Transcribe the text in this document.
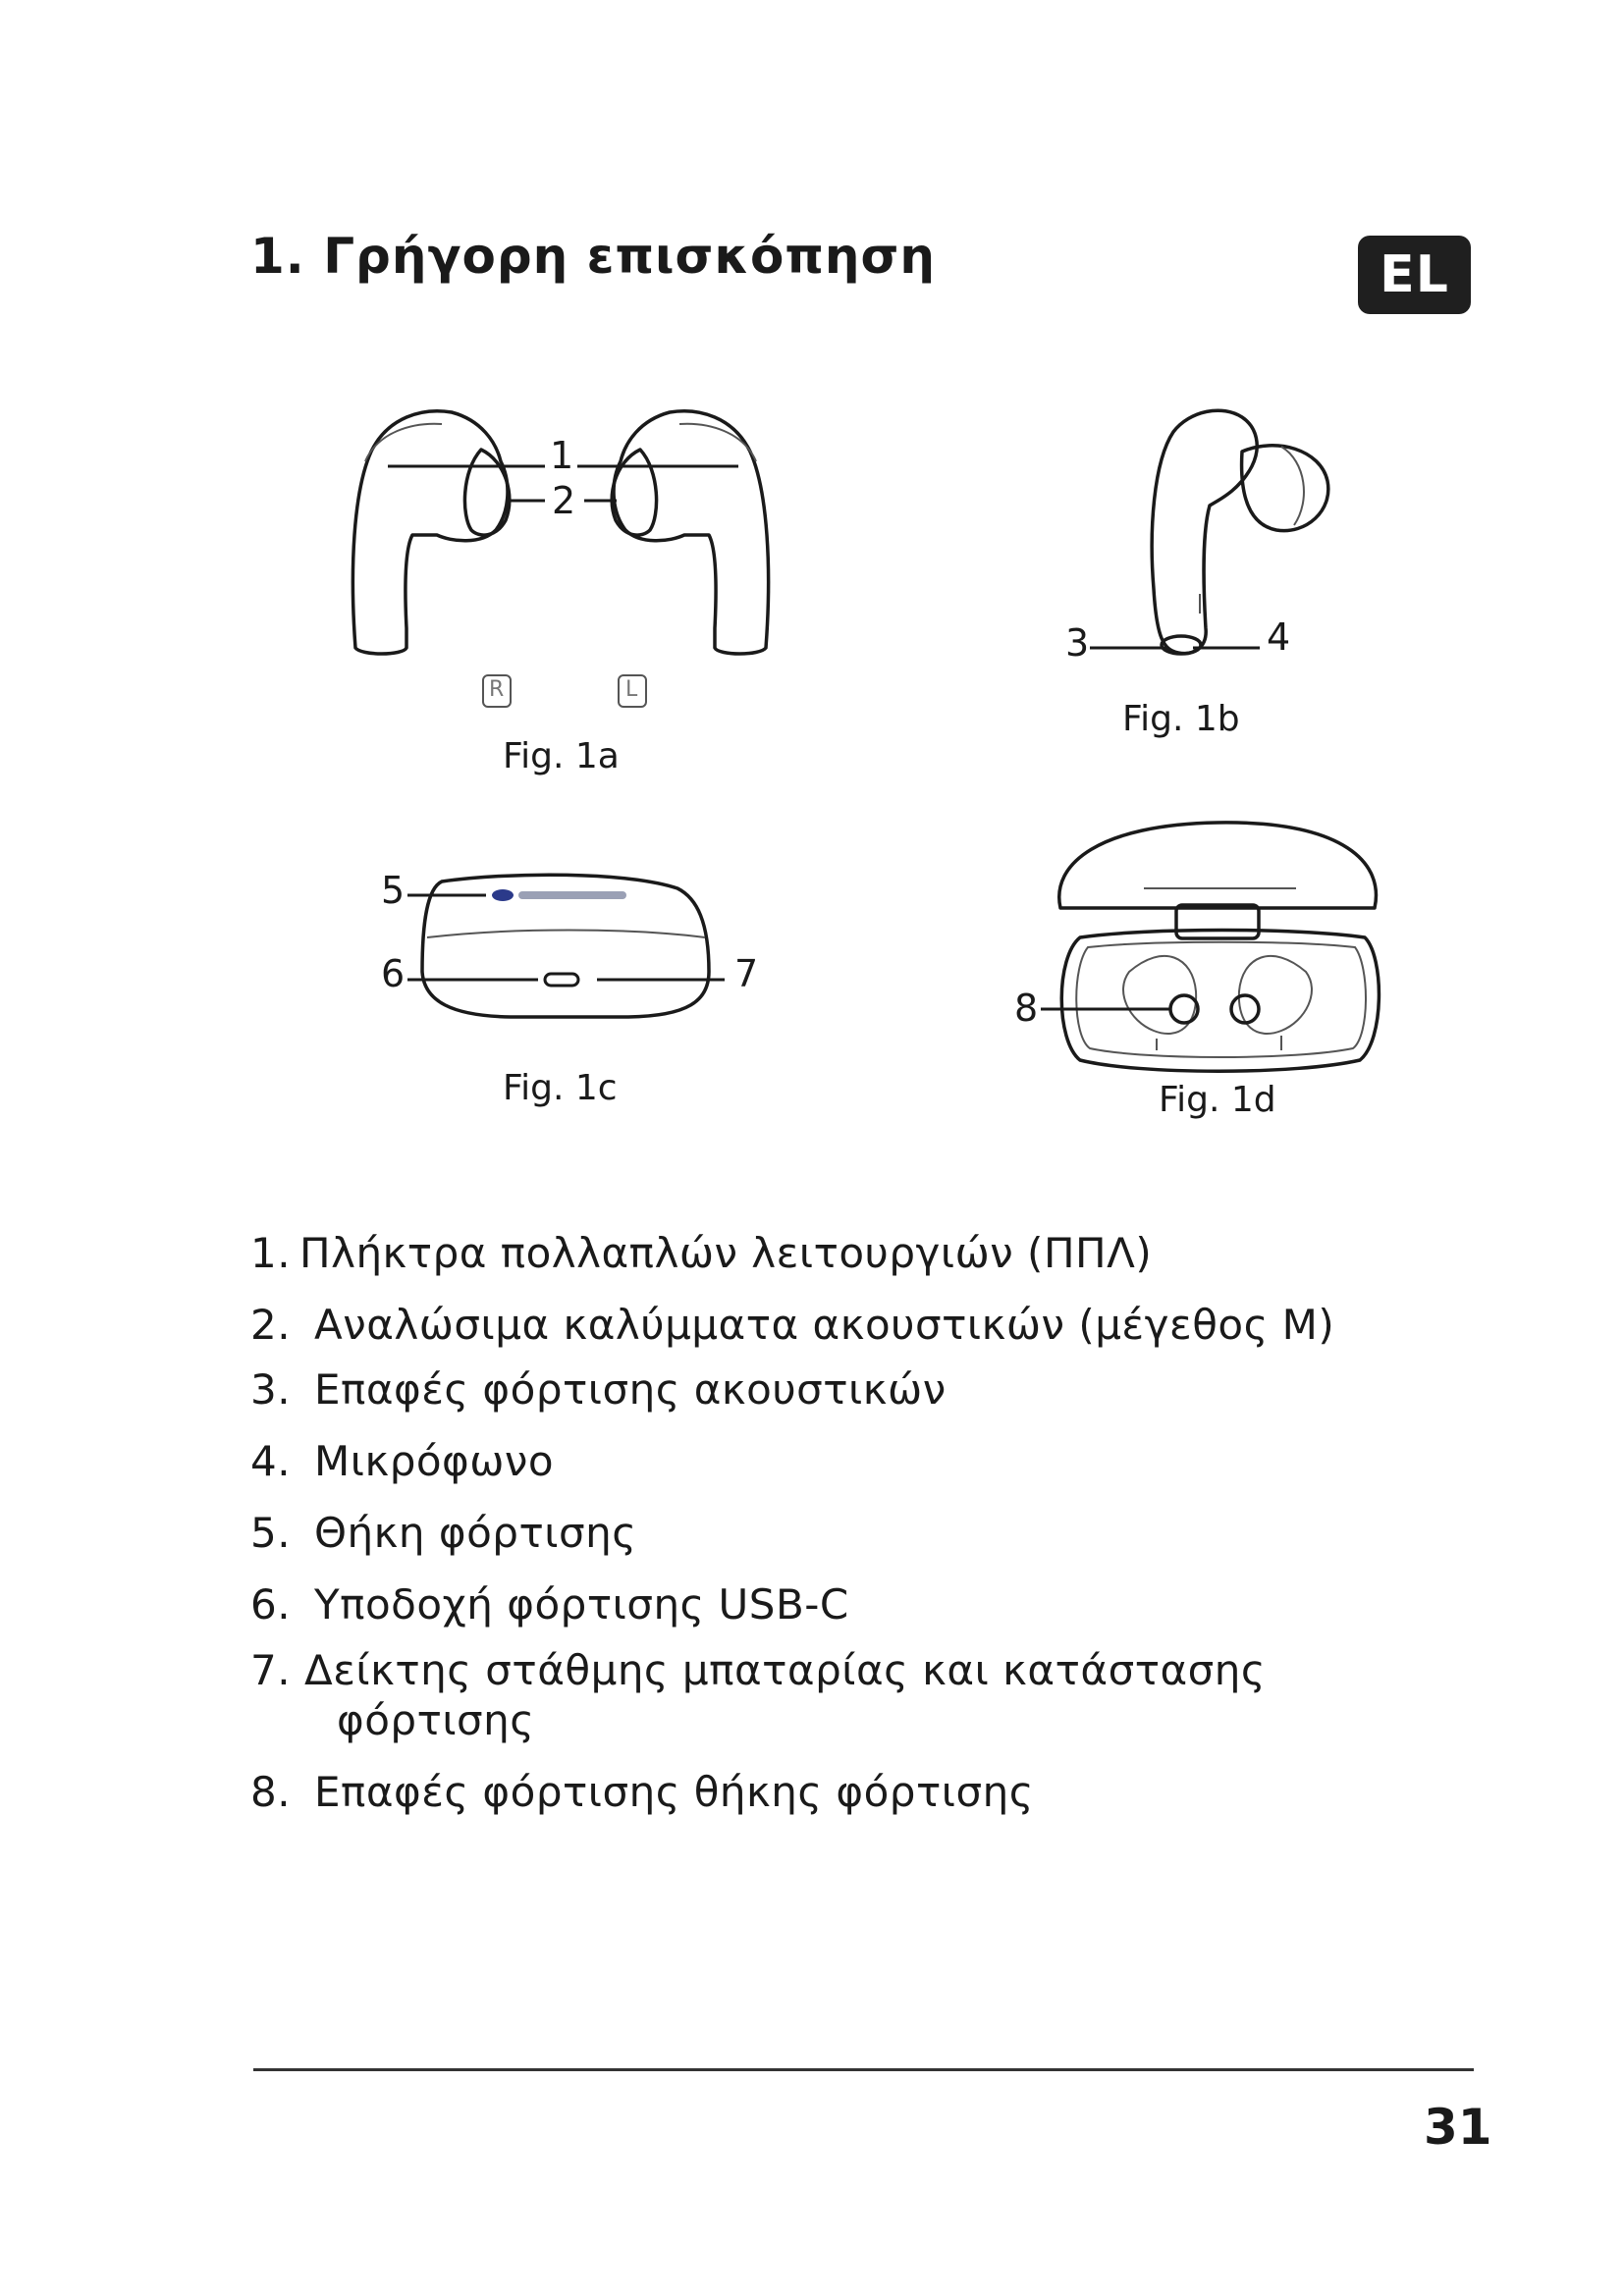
1. Γρήγορη επισκόπηση	EL
1
2
R	L
Fig. 1a
3	4
Fig. 1b
5
6	7
Fig. 1c
8
Fig. 1d
1. Πλήκτρα πολλαπλών λειτουργιών (ΠΠΛ)
2. Αναλώσιμα καλύμματα ακουστικών (μέγεθος M)
3. Επαφές φόρτισης ακουστικών
4. Μικρόφωνο
5. Θήκη φόρτισης
6. Υποδοχή φόρτισης USB-C
7. Δείκτης στάθμης μπαταρίας και κατάστασης
φόρτισης
8. Επαφές φόρτισης θήκης φόρτισης
31
